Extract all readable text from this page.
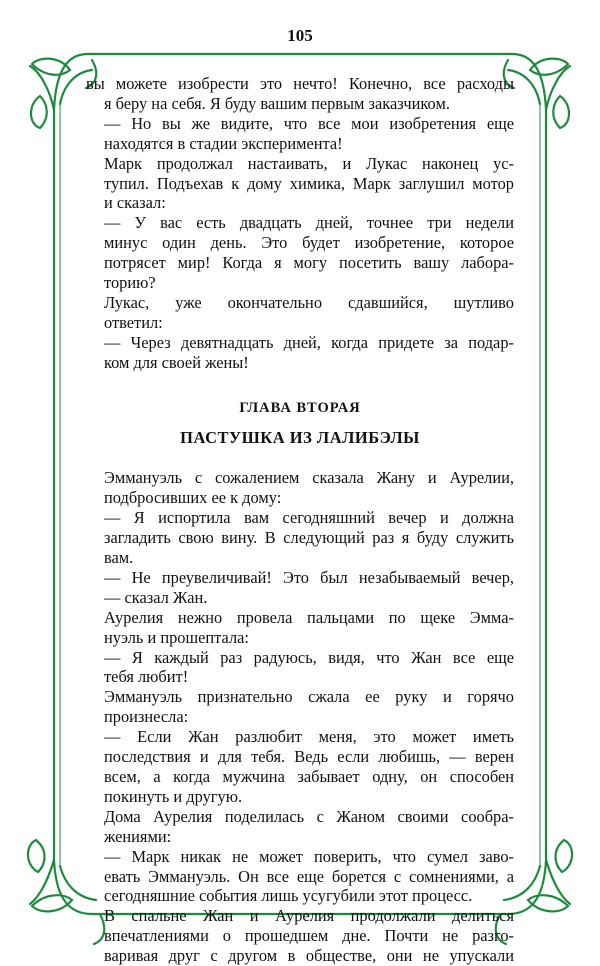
105

вы можете изобрести это нечто! Конечно, все расходы

я беру на себя. Я буду вашим первым заказчиком.

— Но вы же видите, что все мои изобретения еще

находятся в стадии эксперимента!

Марк продолжал настаивать, и Лукас наконец ус-

тупил. Подъехав к дому химика, Марк заглушил мотор

и сказал:

— У вас есть двадцать дней, точнее три недели

минус один день. Это будет изобретение, которое

потрясет мир! Когда я могу посетить вашу лабора-

торию?

Лукас, уже окончательно сдавшийся, шутливо

ответил:

— Через девятнадцать дней, когда придете за подар-

ком для своей жены!

ГЛАВА ВТОРАЯ
ПАСТУШКА ИЗ ЛАЛИБЭЛЫ

Эммануэль с сожалением сказала Жану и Аурелии,

подбросивших ее к дому:

— Я испортила вам сегодняшний вечер и должна

загладить свою вину. В следующий раз я буду служить

вам.

— Не преувеличивай! Это был незабываемый вечер,

— сказал Жан.

Аурелия нежно провела пальцами по щеке Эмма-

нуэль и прошептала:

— Я каждый раз радуюсь, видя, что Жан все еще

тебя любит!

Эммануэль признательно сжала ее руку и горячо

произнесла:

— Если Жан разлюбит меня, это может иметь

последствия и для тебя. Ведь если любишь, — верен

всем, а когда мужчина забывает одну, он способен

покинуть и другую.

Дома Аурелия поделилась с Жаном своими сообра-

жениями:

— Марк никак не может поверить, что сумел заво-

евать Эммануэль. Он все еще борется с сомнениями, а

сегодняшние события лишь усугубили этот процесс.

В спальне Жан и Аурелия продолжали делиться

впечатлениями о прошедшем дне. Почти не разго-

варивая друг с другом в обществе, они не упускали
